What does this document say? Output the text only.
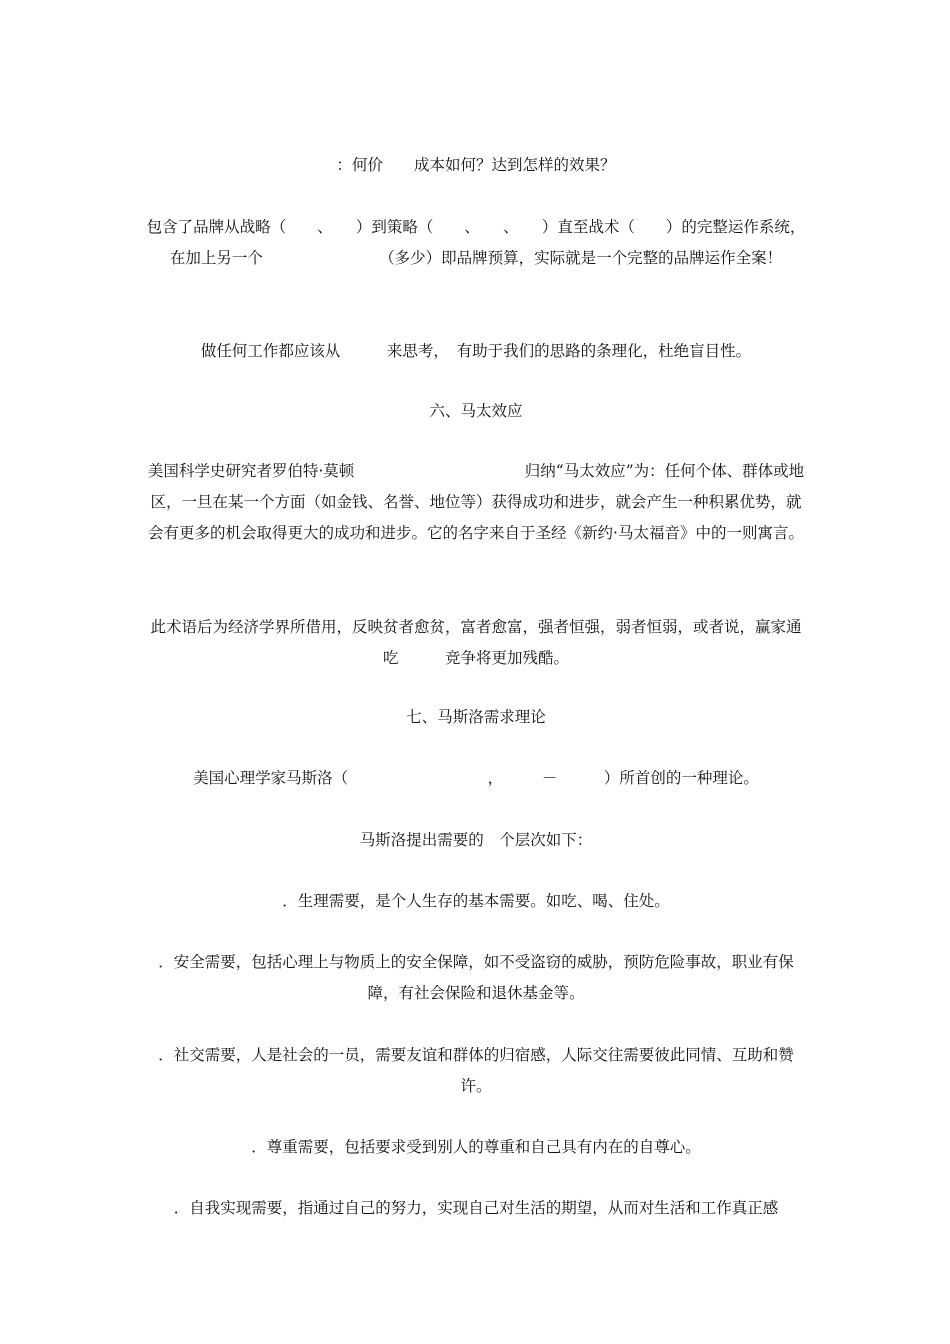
：何价　　成本如何？达到怎样的效果？

包含了品牌从战略（　　、　　）到策略（　　、　　、　　）直至战术（　　）的完整运作系统，在加上另一个　　　　　　　　（多少）即品牌预算，实际就是一个完整的品牌运作全案！

做任何工作都应该从　　　来思考，　有助于我们的思路的条理化，杜绝盲目性。

六、马太效应

美国科学史研究者罗伯特·莫顿　　　　　　　　　　　归纳“马太效应”为：任何个体、群体或地区，一旦在某一个方面（如金钱、名誉、地位等）获得成功和进步，就会产生一种积累优势，就会有更多的机会取得更大的成功和进步。它的名字来自于圣经《新约·马太福音》中的一则寓言。

此术语后为经济学界所借用，反映贫者愈贫，富者愈富，强者恒强，弱者恒弱，或者说，赢家通吃　　　竞争将更加残酷。

七、马斯洛需求理论

美国心理学家马斯洛（　　　　　　　　　，　　　－　　　）所首创的一种理论。

马斯洛提出需要的　个层次如下：

．生理需要，是个人生存的基本需要。如吃、喝、住处。

．安全需要，包括心理上与物质上的安全保障，如不受盗窃的威胁，预防危险事故，职业有保障，有社会保险和退休基金等。

．社交需要，人是社会的一员，需要友谊和群体的归宿感，人际交往需要彼此同情、互助和赞许。

．尊重需要，包括要求受到别人的尊重和自己具有内在的自尊心。

．自我实现需要，指通过自己的努力，实现自己对生活的期望，从而对生活和工作真正感
